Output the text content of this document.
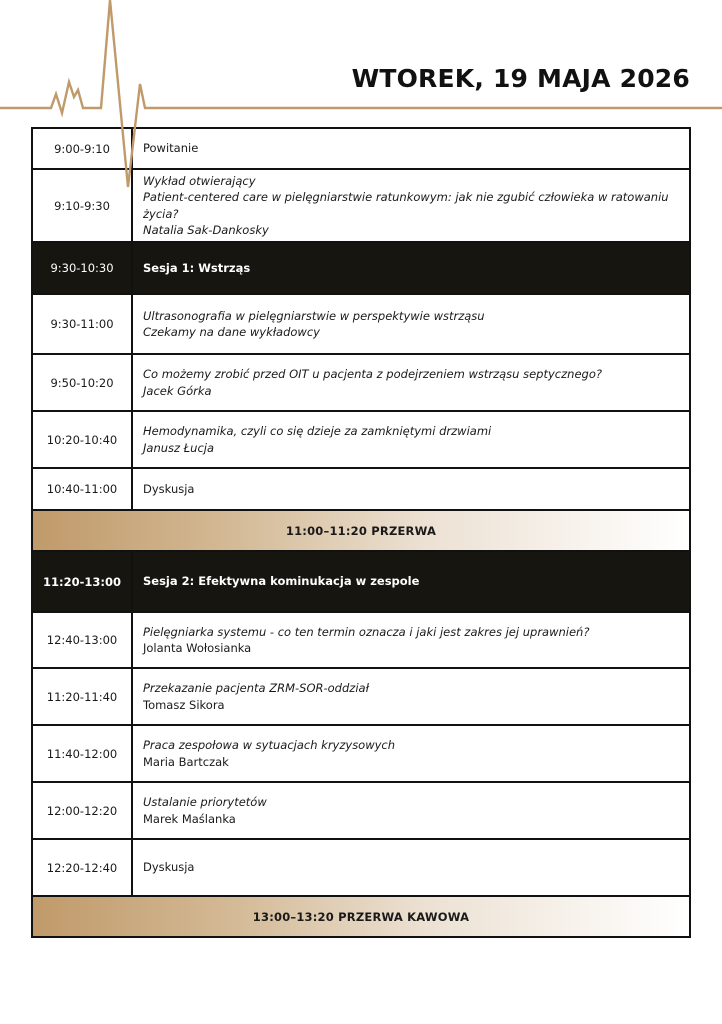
WTOREK, 19 MAJA 2026
9:00-9:10	Powitanie

9:10-9:30	Wykład otwierający
Patient-centered care w pielęgniarstwie ratunkowym: jak nie zgubić człowieka w ratowaniu życia?
Natalia Sak-Dankosky

9:30-10:30	Sesja 1: Wstrząs
9:30-11:00	Ultrasonografia w pielęgniarstwie w perspektywie wstrząsu
Czekamy na dane wykładowcy

9:50-10:20	Co możemy zrobić przed OIT u pacjenta z podejrzeniem wstrząsu septycznego?
Jacek Górka

10:20-10:40	Hemodynamika, czyli co się dzieje za zamkniętymi drzwiami
Janusz Łucja

10:40-11:00	Dyskusja

11:00–11:20 PRZERWA	
11:20-13:00	Sesja 2: Efektywna kominukacja w zespole
12:40-13:00	Pielęgniarka systemu - co ten termin oznacza i jaki jest zakres jej uprawnień?
Jolanta Wołosianka

11:20-11:40	Przekazanie pacjenta ZRM-SOR-oddział
Tomasz Sikora

11:40-12:00	Praca zespołowa w sytuacjach kryzysowych
Maria Bartczak

12:00-12:20	Ustalanie priorytetów
Marek Maślanka

12:20-12:40	Dyskusja

13:00–13:20 PRZERWA KAWOWA	
